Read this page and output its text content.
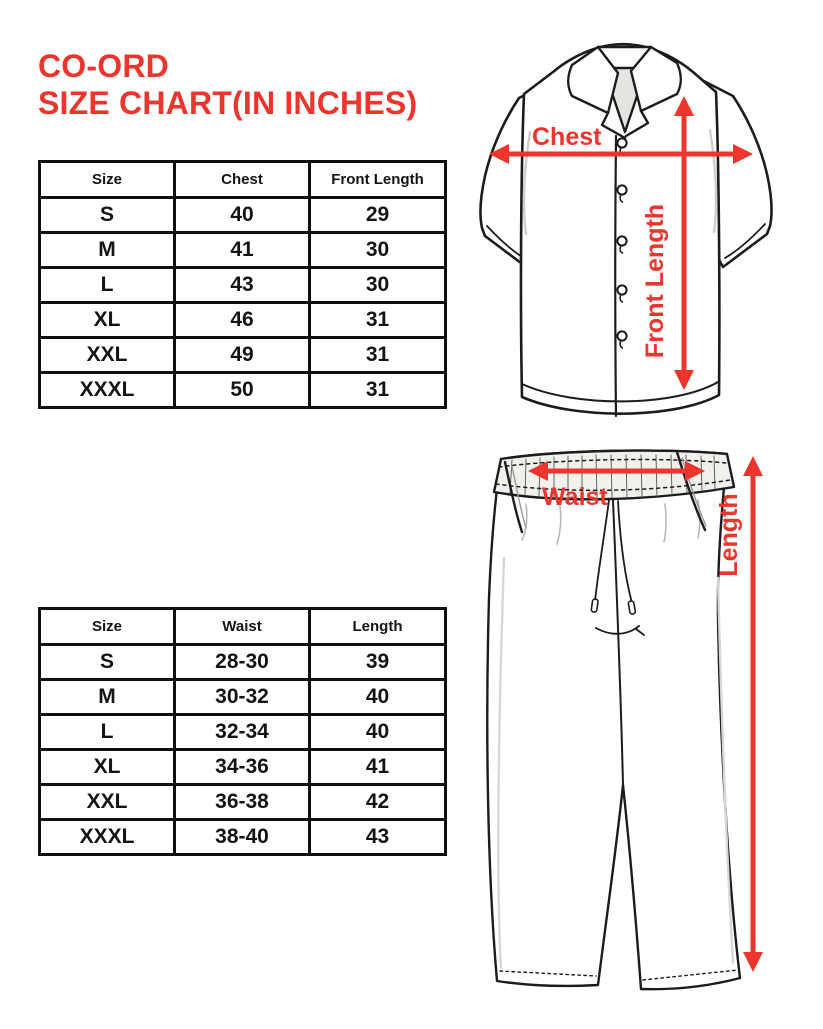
CO-ORD
SIZE CHART(IN INCHES)
Size	Chest	Front Length
S	40	29
M	41	30
L	43	30
XL	46	31
XXL	49	31
XXXL	50	31
Size	Waist	Length
S	28-30	39
M	30-32	40
L	32-34	40
XL	34-36	41
XXL	36-38	42
XXXL	38-40	43
Chest
Front Length
Waist	Length
